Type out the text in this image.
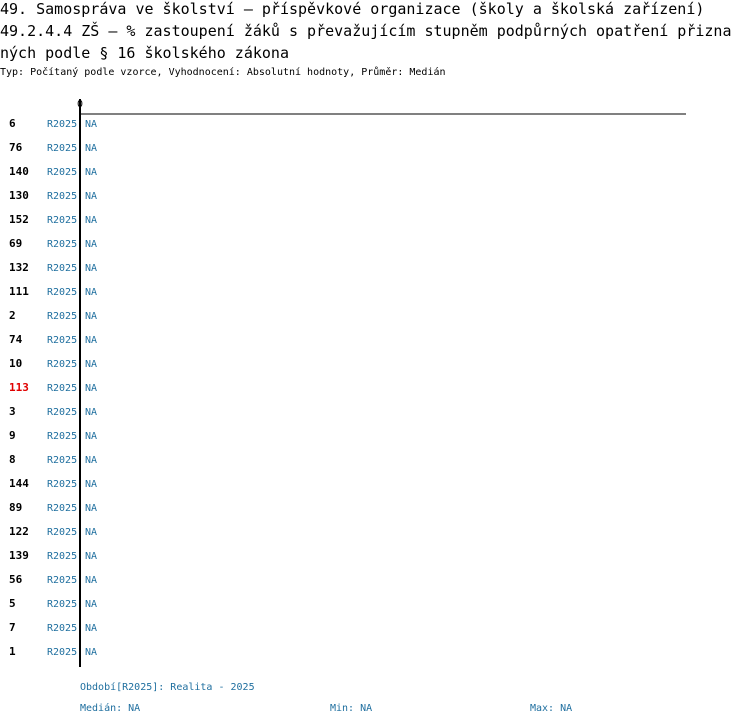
49. Samospráva ve školství – příspěvkové organizace (školy a školská zařízení)
49.2.4.4 ZŠ – % zastoupení žáků s převažujícím stupněm podpůrných opatření přizna
ných podle § 16 školského zákona
Typ: Počítaný podle vzorce, Vyhodnocení: Absolutní hodnoty, Průměr: Medián
0
6	R2025 NA
76 R2025 NA
140 R2025 NA
130 R2025 NA
152 R2025 NA
69 R2025 NA
132 R2025 NA
111 R2025 NA
2	R2025 NA
74 R2025 NA
10 R2025 NA
113 R2025 NA
3	R2025 NA
9	R2025 NA
8	R2025 NA
144 R2025 NA
89 R2025 NA
122 R2025 NA
139 R2025 NA
56 R2025 NA
5	R2025 NA
7	R2025 NA
1	R2025 NA
Období[R2025]: Realita - 2025
Medián: NA	Min: NA	Max: NA
